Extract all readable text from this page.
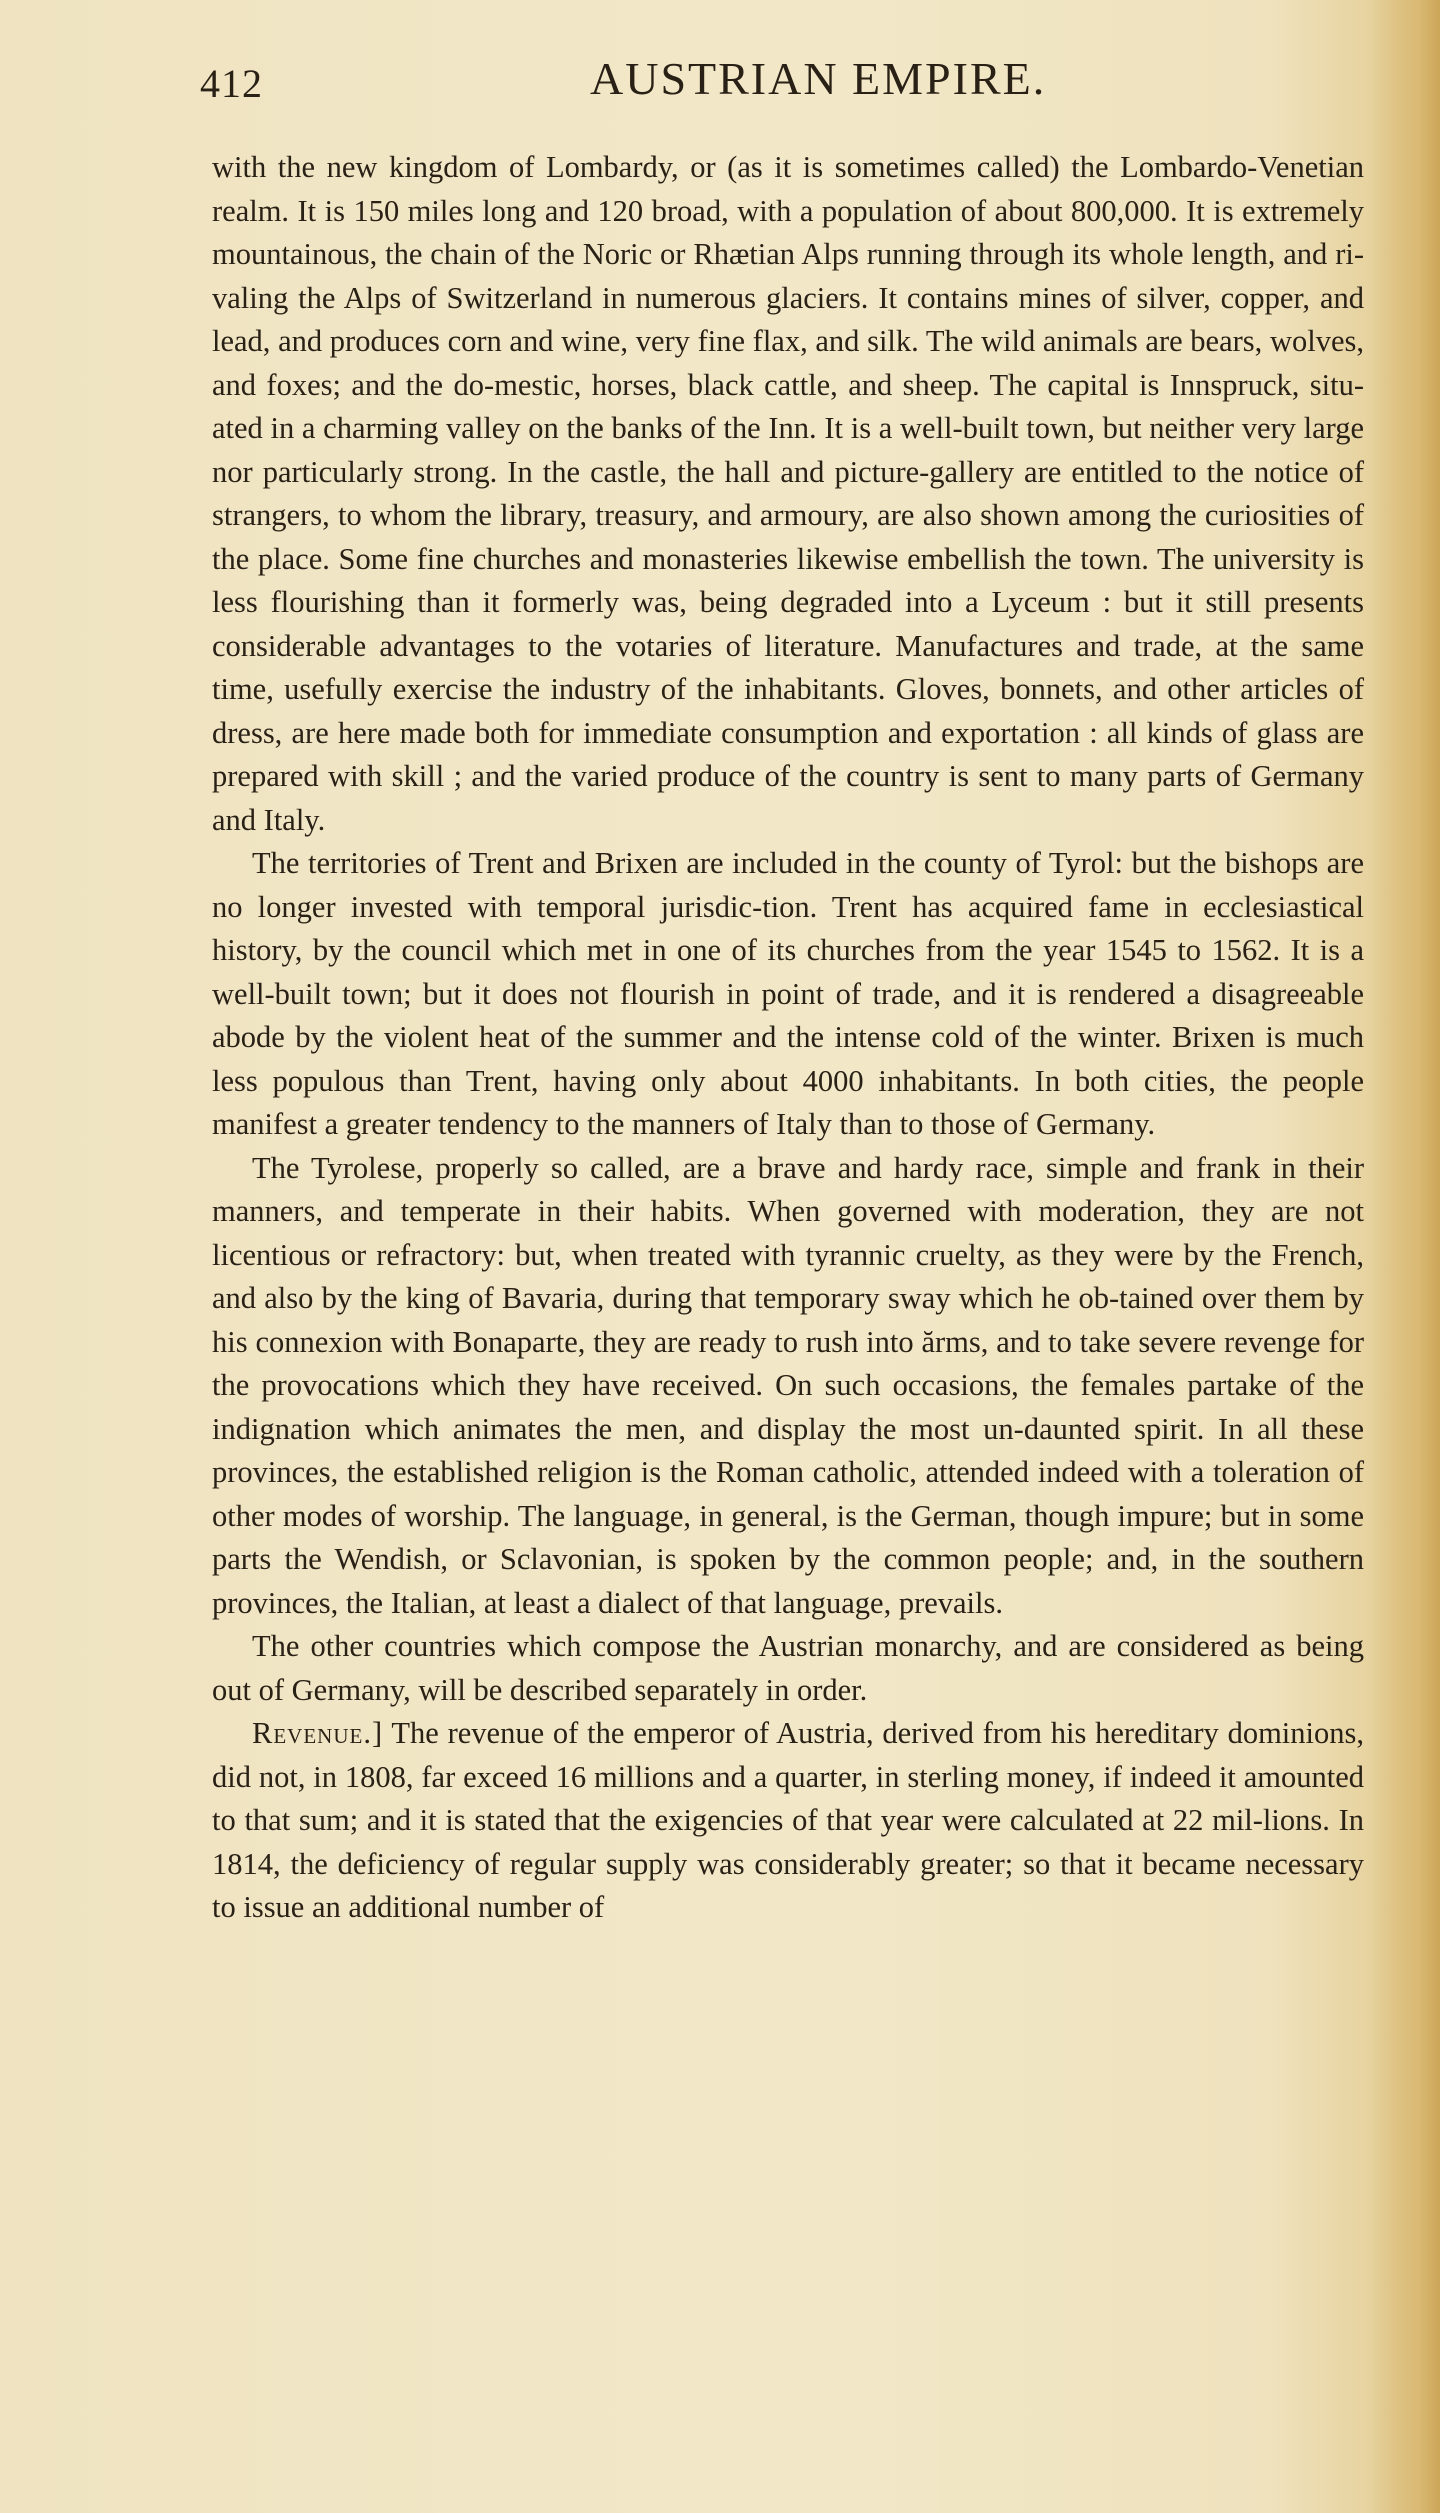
412	AUSTRIAN EMPIRE.

with the new kingdom of Lombardy, or (as it is sometimes called) the Lombardo-Venetian realm. It is 150 miles long and 120 broad, with a population of about 800,000. It is extremely mountainous, the chain of the Noric or Rhætian Alps running through its whole length, and ri-valing the Alps of Switzerland in numerous glaciers. It contains mines of silver, copper, and lead, and produces corn and wine, very fine flax, and silk. The wild animals are bears, wolves, and foxes; and the do-mestic, horses, black cattle, and sheep. The capital is Innspruck, situ-ated in a charming valley on the banks of the Inn. It is a well-built town, but neither very large nor particularly strong. In the castle, the hall and picture-gallery are entitled to the notice of strangers, to whom the library, treasury, and armoury, are also shown among the curiosities of the place. Some fine churches and monasteries likewise embellish the town. The university is less flourishing than it formerly was, being degraded into a Lyceum : but it still presents considerable advantages to the votaries of literature. Manufactures and trade, at the same time, usefully exercise the industry of the inhabitants. Gloves, bonnets, and other articles of dress, are here made both for immediate consumption and exportation : all kinds of glass are prepared with skill ; and the varied produce of the country is sent to many parts of Germany and Italy.

The territories of Trent and Brixen are included in the county of Tyrol: but the bishops are no longer invested with temporal jurisdic-tion. Trent has acquired fame in ecclesiastical history, by the council which met in one of its churches from the year 1545 to 1562. It is a well-built town; but it does not flourish in point of trade, and it is rendered a disagreeable abode by the violent heat of the summer and the intense cold of the winter. Brixen is much less populous than Trent, having only about 4000 inhabitants. In both cities, the people manifest a greater tendency to the manners of Italy than to those of Germany.

The Tyrolese, properly so called, are a brave and hardy race, simple and frank in their manners, and temperate in their habits. When governed with moderation, they are not licentious or refractory: but, when treated with tyrannic cruelty, as they were by the French, and also by the king of Bavaria, during that temporary sway which he ob-tained over them by his connexion with Bonaparte, they are ready to rush into ărms, and to take severe revenge for the provocations which they have received. On such occasions, the females partake of the indignation which animates the men, and display the most un-daunted spirit. In all these provinces, the established religion is the Roman catholic, attended indeed with a toleration of other modes of worship. The language, in general, is the German, though impure; but in some parts the Wendish, or Sclavonian, is spoken by the common people; and, in the southern provinces, the Italian, at least a dialect of that language, prevails.

The other countries which compose the Austrian monarchy, and are considered as being out of Germany, will be described separately in order.

Revenue.] The revenue of the emperor of Austria, derived from his hereditary dominions, did not, in 1808, far exceed 16 millions and a quarter, in sterling money, if indeed it amounted to that sum; and it is stated that the exigencies of that year were calculated at 22 mil-lions. In 1814, the deficiency of regular supply was considerably greater; so that it became necessary to issue an additional number of
